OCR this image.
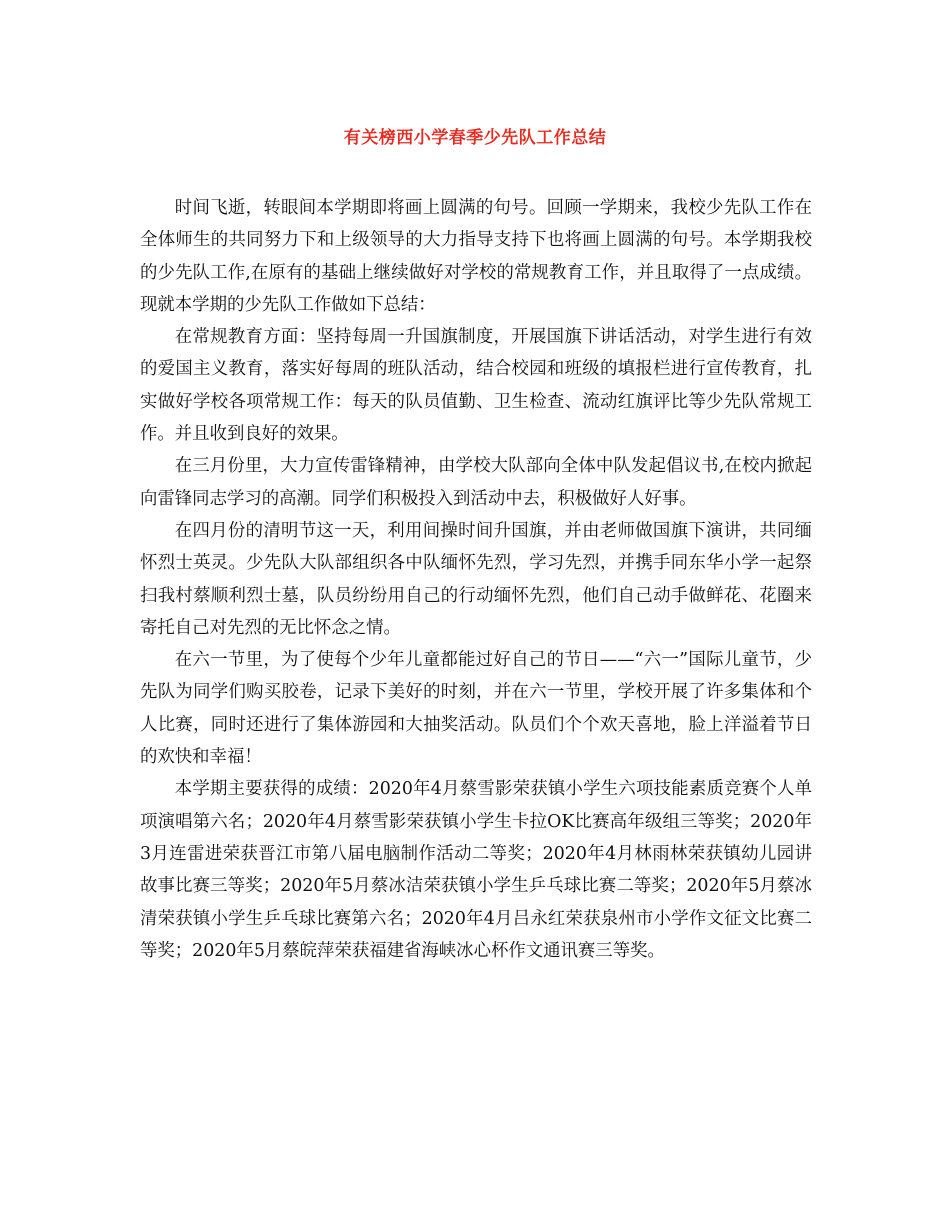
有关榜西小学春季少先队工作总结

时间飞逝，转眼间本学期即将画上圆满的句号。回顾一学期来，我校少先队工作在全体师生的共同努力下和上级领导的大力指导支持下也将画上圆满的句号。本学期我校的少先队工作,在原有的基础上继续做好对学校的常规教育工作，并且取得了一点成绩。现就本学期的少先队工作做如下总结：

在常规教育方面：坚持每周一升国旗制度，开展国旗下讲话活动，对学生进行有效的爱国主义教育，落实好每周的班队活动，结合校园和班级的填报栏进行宣传教育，扎实做好学校各项常规工作：每天的队员值勤、卫生检查、流动红旗评比等少先队常规工作。并且收到良好的效果。

在三月份里，大力宣传雷锋精神，由学校大队部向全体中队发起倡议书,在校内掀起向雷锋同志学习的高潮。同学们积极投入到活动中去，积极做好人好事。

在四月份的清明节这一天，利用间操时间升国旗，并由老师做国旗下演讲，共同缅怀烈士英灵。少先队大队部组织各中队缅怀先烈，学习先烈，并携手同东华小学一起祭扫我村蔡顺利烈士墓，队员纷纷用自己的行动缅怀先烈，他们自己动手做鲜花、花圈来寄托自己对先烈的无比怀念之情。

在六一节里，为了使每个少年儿童都能过好自己的节日——“六一”国际儿童节，少先队为同学们购买胶卷，记录下美好的时刻，并在六一节里，学校开展了许多集体和个人比赛，同时还进行了集体游园和大抽奖活动。队员们个个欢天喜地，脸上洋溢着节日的欢快和幸福！

本学期主要获得的成绩：2020年4月蔡雪影荣获镇小学生六项技能素质竞赛个人单项演唱第六名；2020年4月蔡雪影荣获镇小学生卡拉OK比赛高年级组三等奖；2020年3月连雷进荣获晋江市第八届电脑制作活动二等奖；2020年4月林雨林荣获镇幼儿园讲故事比赛三等奖；2020年5月蔡冰洁荣获镇小学生乒乓球比赛二等奖；2020年5月蔡冰清荣获镇小学生乒乓球比赛第六名；2020年4月吕永红荣获泉州市小学作文征文比赛二等奖；2020年5月蔡皖萍荣获福建省海峡冰心杯作文通讯赛三等奖。
